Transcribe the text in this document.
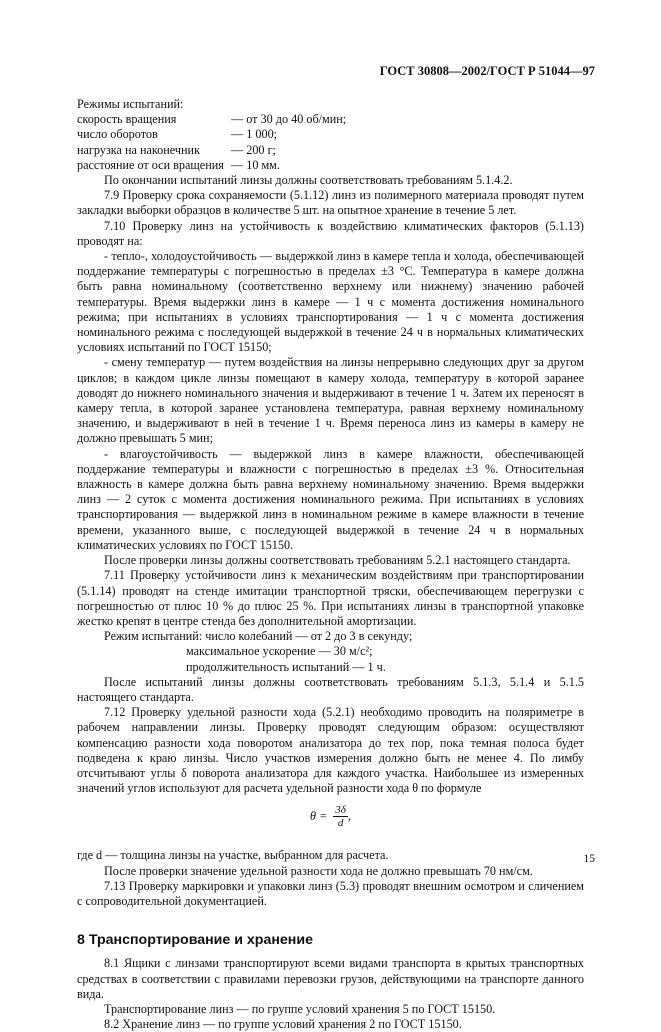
ГОСТ 30808—2002/ГОСТ Р 51044—97

Режимы испытаний:

скорость вращения	— от 30 до 40 об/мин;
число оборотов	— 1 000;
нагрузка на наконечник	— 200 г;
расстояние от оси вращения — 10 мм.

По окончании испытаний линзы должны соответствовать требованиям 5.1.4.2.

7.9 Проверку срока сохраняемости (5.1.12) линз из полимерного материала проводят путем закладки выборки образцов в количестве 5 шт. на опытное хранение в течение 5 лет.

7.10 Проверку линз на устойчивость к воздействию климатических факторов (5.1.13) проводят на:

- тепло-, холодоустойчивость — выдержкой линз в камере тепла и холода, обеспечивающей поддержание температуры с погрешностью в пределах ±3 °С. Температура в камере должна быть равна номинальному (соответственно верхнему или нижнему) значению рабочей температуры. Время выдержки линз в камере — 1 ч с момента достижения номинального режима; при испытаниях в условиях транспортирования — 1 ч с момента достижения номинального режима с последующей выдержкой в течение 24 ч в нормальных климатических условиях испытаний по ГОСТ 15150;

- смену температур — путем воздействия на линзы непрерывно следующих друг за другом циклов; в каждом цикле линзы помещают в камеру холода, температуру в которой заранее доводят до нижнего номинального значения и выдерживают в течение 1 ч. Затем их переносят в камеру тепла, в которой заранее установлена температура, равная верхнему номинальному значению, и выдерживают в ней в течение 1 ч. Время переноса линз из камеры в камеру не должно превышать 5 мин;

- влагоустойчивость — выдержкой линз в камере влажности, обеспечивающей поддержание температуры и влажности с погрешностью в пределах ±3 %. Относительная влажность в камере должна быть равна верхнему номинальному значению. Время выдержки линз — 2 суток с момента достижения номинального режима. При испытаниях в условиях транспортирования — выдержкой линз в номинальном режиме в камере влажности в течение времени, указанного выше, с последующей выдержкой в течение 24 ч в нормальных климатических условиях по ГОСТ 15150.

После проверки линзы должны соответствовать требованиям 5.2.1 настоящего стандарта.

7.11 Проверку устойчивости линз к механическим воздействиям при транспортировании (5.1.14) проводят на стенде имитации транспортной тряски, обеспечивающем перегрузки с погрешностью от плюс 10 % до плюс 25 %. При испытаниях линзы в транспортной упаковке жестко крепят в центре стенда без дополнительной амортизации.

Режим испытаний: число колебаний — от 2 до 3 в секунду;

максимальное ускорение — 30 м/с²;

продолжительность испытаний — 1 ч.

После испытаний линзы должны соответствовать требованиям 5.1.3, 5.1.4 и 5.1.5 настоящего стандарта.

7.12 Проверку удельной разности хода (5.2.1) необходимо проводить на поляриметре в рабочем направлении линзы. Проверку проводят следующим образом: осуществляют компенсацию разности хода поворотом анализатора до тех пор, пока темная полоса будет подведена к краю линзы. Число участков измерения должно быть не менее 4. По лимбу отсчитывают углы δ поворота анализатора для каждого участка. Наибольшее из измеренных значений углов используют для расчета удельной разности хода θ по формуле

$\theta = \frac{3\delta}{d}$ ,

где d — толщина линзы на участке, выбранном для расчета.

После проверки значение удельной разности хода не должно превышать 70 нм/см.

7.13 Проверку маркировки и упаковки линз (5.3) проводят внешним осмотром и сличением с сопроводительной документацией.

8 Транспортирование и хранение

8.1 Ящики с линзами транспортируют всеми видами транспорта в крытых транспортных средствах в соответствии с правилами перевозки грузов, действующими на транспорте данного вида.

Транспортирование линз — по группе условий хранения 5 по ГОСТ 15150.

8.2 Хранение линз — по группе условий хранения 2 по ГОСТ 15150.

15
